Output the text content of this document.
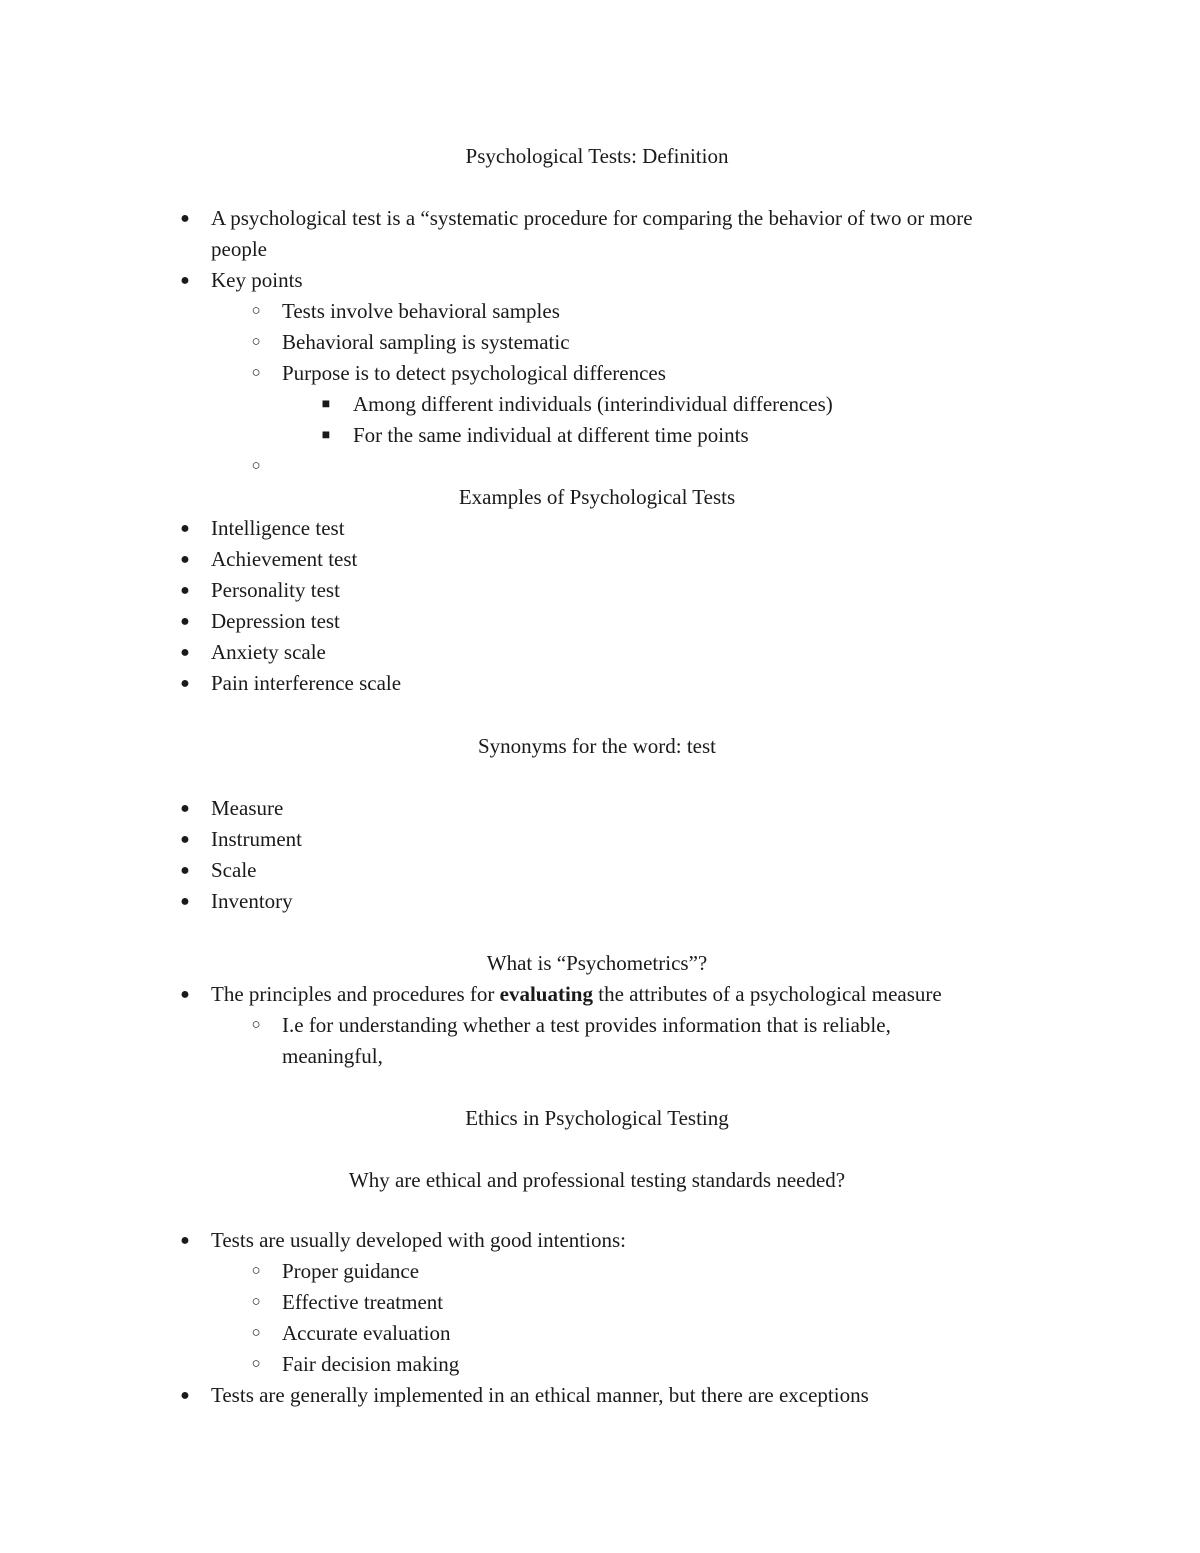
Psychological Tests: Definition
● A psychological test is a “systematic procedure for comparing the behavior of two or more people
● Key points
○ Tests involve behavioral samples
○ Behavioral sampling is systematic
○ Purpose is to detect psychological differences
■ Among different individuals (interindividual differences)
■ For the same individual at different time points
○
Examples of Psychological Tests
● Intelligence test
● Achievement test
● Personality test
● Depression test
● Anxiety scale
● Pain interference scale
Synonyms for the word: test
● Measure
● Instrument
● Scale
● Inventory
What is “Psychometrics”?
● The principles and procedures for evaluating the attributes of a psychological measure
○ I.e for understanding whether a test provides information that is reliable, meaningful,
Ethics in Psychological Testing
Why are ethical and professional testing standards needed?
● Tests are usually developed with good intentions:
○ Proper guidance
○ Effective treatment
○ Accurate evaluation
○ Fair decision making
● Tests are generally implemented in an ethical manner, but there are exceptions
